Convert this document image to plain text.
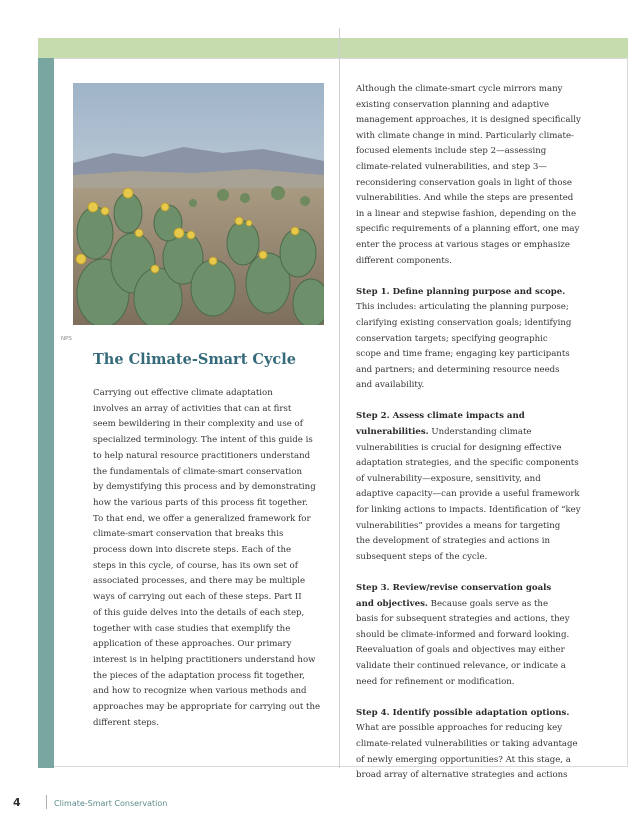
NPS
The Climate-Smart Cycle
Carrying out effective climate adaptation
involves an array of activities that can at first
seem bewildering in their complexity and use of
specialized terminology. The intent of this guide is
to help natural resource practitioners understand
the fundamentals of climate-smart conservation
by demystifying this process and by demonstrating
how the various parts of this process fit together.
To that end, we offer a generalized framework for
climate-smart conservation that breaks this
process down into discrete steps. Each of the
steps in this cycle, of course, has its own set of
associated processes, and there may be multiple
ways of carrying out each of these steps. Part II
of this guide delves into the details of each step,
together with case studies that exemplify the
application of these approaches. Our primary
interest is in helping practitioners understand how
the pieces of the adaptation process fit together,
and how to recognize when various methods and
approaches may be appropriate for carrying out the
different steps.
Although the climate-smart cycle mirrors many
existing conservation planning and adaptive
management approaches, it is designed specifically
with climate change in mind. Particularly climate-
focused elements include step 2—assessing
climate-related vulnerabilities, and step 3—
reconsidering conservation goals in light of those
vulnerabilities. And while the steps are presented
in a linear and stepwise fashion, depending on the
specific requirements of a planning effort, one may
enter the process at various stages or emphasize
different components.
Step 1. Define planning purpose and scope.
This includes: articulating the planning purpose;
clarifying existing conservation goals; identifying
conservation targets; specifying geographic
scope and time frame; engaging key participants
and partners; and determining resource needs
and availability.
Step 2. Assess climate impacts and
vulnerabilities. Understanding climate
vulnerabilities is crucial for designing effective
adaptation strategies, and the specific components
of vulnerability—exposure, sensitivity, and
adaptive capacity—can provide a useful framework
for linking actions to impacts. Identification of “key
vulnerabilities” provides a means for targeting
the development of strategies and actions in
subsequent steps of the cycle.
Step 3. Review/revise conservation goals
and objectives. Because goals serve as the
basis for subsequent strategies and actions, they
should be climate-informed and forward looking.
Reevaluation of goals and objectives may either
validate their continued relevance, or indicate a
need for refinement or modification.
Step 4. Identify possible adaptation options.
What are possible approaches for reducing key
climate-related vulnerabilities or taking advantage
of newly emerging opportunities? At this stage, a
broad array of alternative strategies and actions
4	Climate-Smart Conservation
